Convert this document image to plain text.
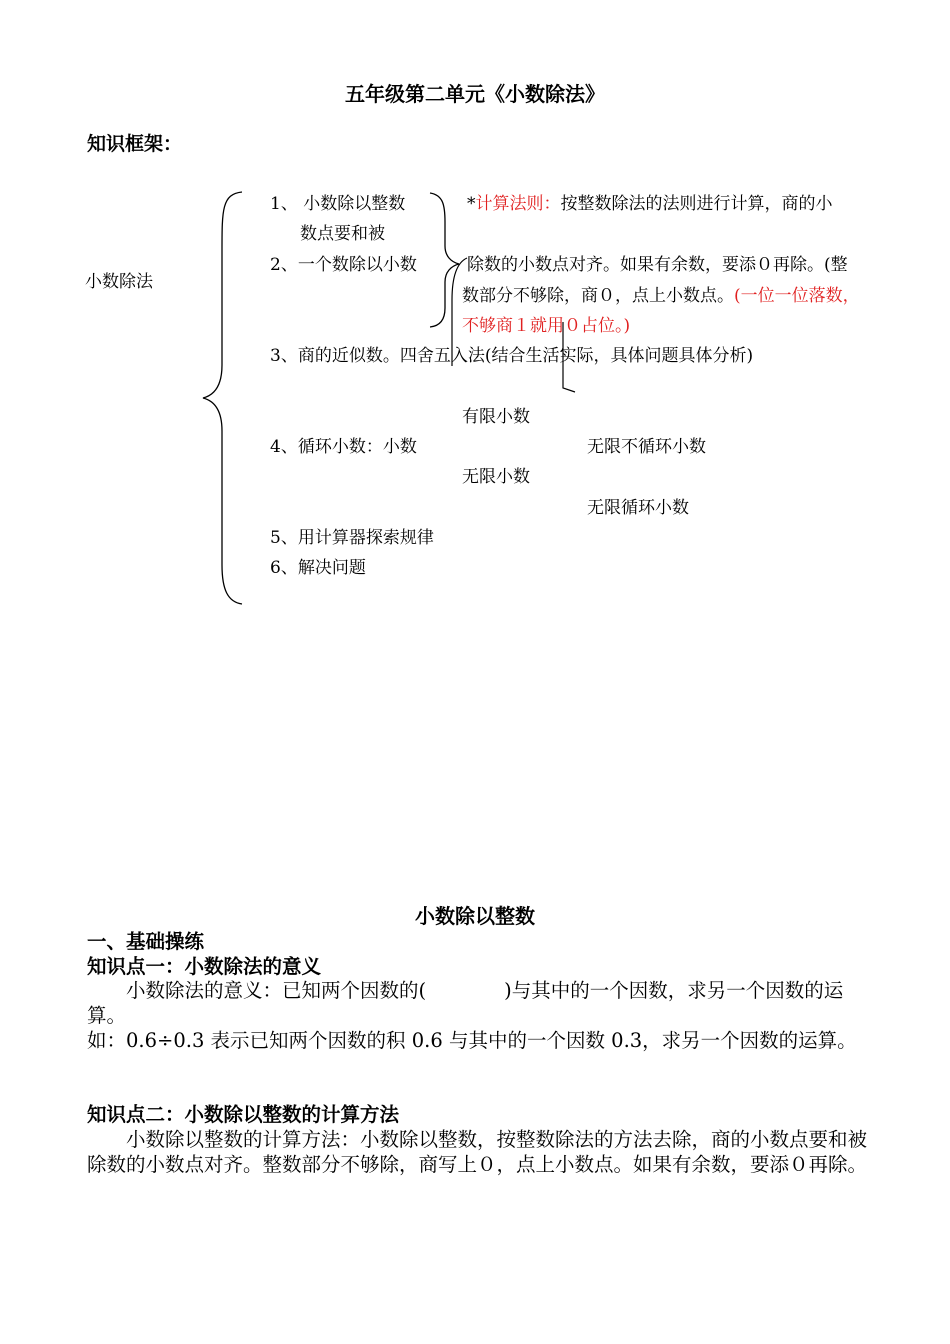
五年级第二单元《小数除法》
知识框架：
小数除法
1、 小数除以整数
数点要和被
2、一个数除以小数
3、商的近似数。四舍五入法(结合生活实际，具体问题具体分析)
4、循环小数：小数
5、用计算器探索规律
6、解决问题
*计算法则：按整数除法的法则进行计算，商的小
除数的小数点对齐。如果有余数，要添０再除。(整
数部分不够除，商０，点上小数点。(一位一位落数，
不够商１就用０占位。)
有限小数
无限不循环小数
无限小数
无限循环小数
小数除以整数
一、基础操练
知识点一：小数除法的意义
小数除法的意义：已知两个因数的(	)与其中的一个因数，求另一个因数的运算。
如：0.6÷0.3 表示已知两个因数的积 0.6 与其中的一个因数 0.3，求另一个因数的运算。
知识点二：小数除以整数的计算方法
小数除以整数的计算方法：小数除以整数，按整数除法的方法去除，商的小数点要和被除数的小数点对齐。整数部分不够除，商写上０，点上小数点。如果有余数，要添０再除。
